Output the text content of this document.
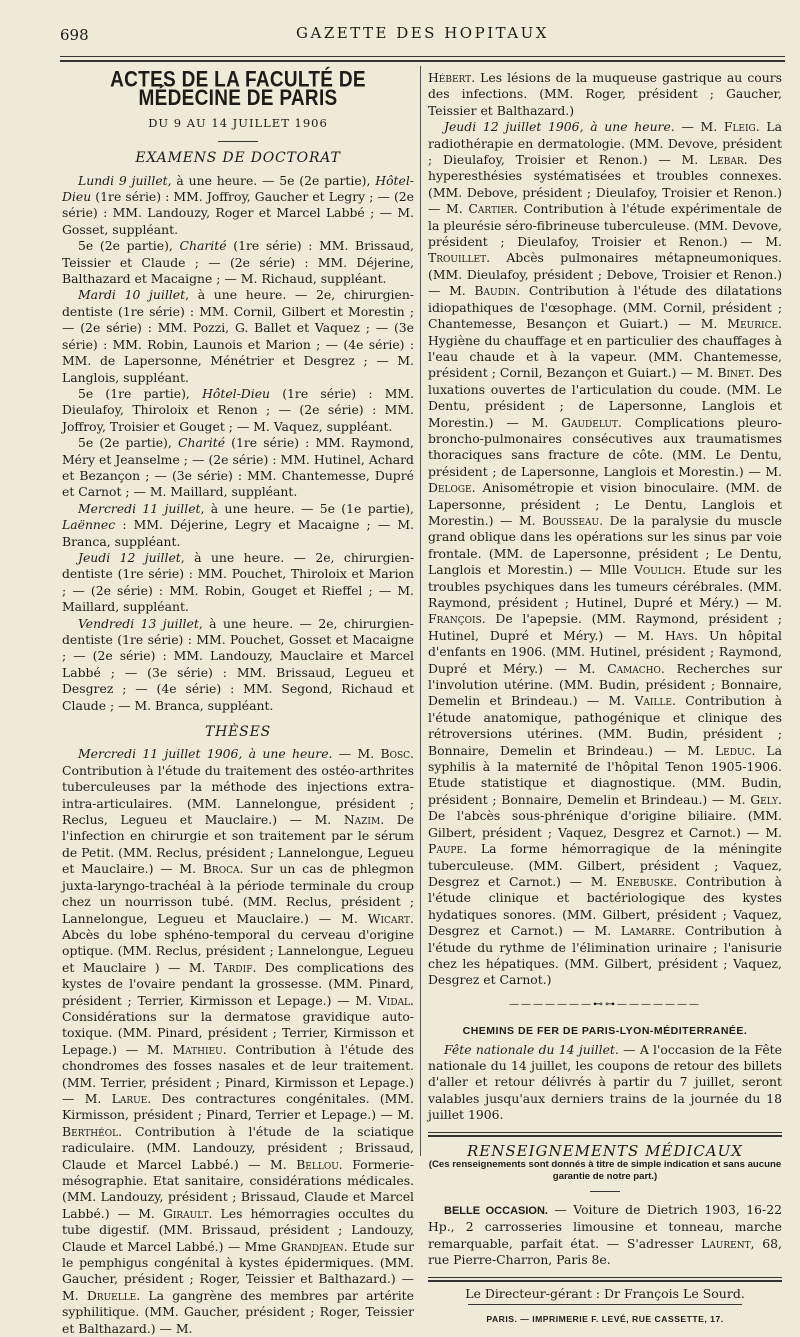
698	GAZETTE DES HOPITAUX
ACTES DE LA FACULTÉ DE MÉDECINE DE PARIS
DU 9 AU 14 JUILLET 1906
EXAMENS DE DOCTORAT

Lundi 9 juillet, à une heure. — 5e (2e partie), Hôtel-Dieu (1re série) : MM. Joffroy, Gaucher et Legry ; — (2e série) : MM. Landouzy, Roger et Marcel Labbé ; — M. Gosset, suppléant.

5e (2e partie), Charité (1re série) : MM. Brissaud, Teissier et Claude ; — (2e série) : MM. Déjerine, Balthazard et Macaigne ; — M. Richaud, suppléant.

Mardi 10 juillet, à une heure. — 2e, chirurgien-dentiste (1re série) : MM. Cornil, Gilbert et Morestin ; — (2e série) : MM. Pozzi, G. Ballet et Vaquez ; — (3e série) : MM. Robin, Launois et Marion ; — (4e série) : MM. de Lapersonne, Ménétrier et Desgrez ; — M. Langlois, suppléant.

5e (1re partie), Hôtel-Dieu (1re série) : MM. Dieulafoy, Thiroloix et Renon ; — (2e série) : MM. Joffroy, Troisier et Gouget ; — M. Vaquez, suppléant.

5e (2e partie), Charité (1re série) : MM. Raymond, Méry et Jeanselme ; — (2e série) : MM. Hutinel, Achard et Bezançon ; — (3e série) : MM. Chantemesse, Dupré et Carnot ; — M. Maillard, suppléant.

Mercredi 11 juillet, à une heure. — 5e (1e partie), Laënnec : MM. Déjerine, Legry et Macaigne ; — M. Branca, suppléant.

Jeudi 12 juillet, à une heure. — 2e, chirurgien-dentiste (1re série) : MM. Pouchet, Thiroloix et Marion ; — (2e série) : MM. Robin, Gouget et Rieffel ; — M. Maillard, suppléant.

Vendredi 13 juillet, à une heure. — 2e, chirurgien-dentiste (1re série) : MM. Pouchet, Gosset et Macaigne ; — (2e série) : MM. Landouzy, Mauclaire et Marcel Labbé ; — (3e série) : MM. Brissaud, Legueu et Desgrez ; — (4e série) : MM. Segond, Richaud et Claude ; — M. Branca, suppléant.

THÈSES

Mercredi 11 juillet 1906, à une heure. — M. Bosc. Contribution à l'étude du traitement des ostéo-arthrites tuberculeuses par la méthode des injections extra-intra-articulaires. (MM. Lannelongue, président ; Reclus, Legueu et Mauclaire.) — M. Nazim. De l'infection en chirurgie et son traitement par le sérum de Petit. (MM. Reclus, président ; Lannelongue, Legueu et Mauclaire.) — M. Broca. Sur un cas de phlegmon juxta-laryngo-trachéal à la période terminale du croup chez un nourrisson tubé. (MM. Reclus, président ; Lannelongue, Legueu et Mauclaire.) — M. Wicart. Abcès du lobe sphéno-temporal du cerveau d'origine optique. (MM. Reclus, président ; Lannelongue, Legueu et Mauclaire ) — M. Tardif. Des complications des kystes de l'ovaire pendant la grossesse. (MM. Pinard, président ; Terrier, Kirmisson et Lepage.) — M. Vidal. Considérations sur la dermatose gravidique auto-toxique. (MM. Pinard, président ; Terrier, Kirmisson et Lepage.) — M. Mathieu. Contribution à l'étude des chondromes des fosses nasales et de leur traitement. (MM. Terrier, président ; Pinard, Kirmisson et Lepage.) — M. Larue. Des contractures congénitales. (MM. Kirmisson, président ; Pinard, Terrier et Lepage.) — M. Berthéol. Contribution à l'étude de la sciatique radiculaire. (MM. Landouzy, président ; Brissaud, Claude et Marcel Labbé.) — M. Bellou. Formerie-mésographie. Etat sanitaire, considérations médicales. (MM. Landouzy, président ; Brissaud, Claude et Marcel Labbé.) — M. Girault. Les hémorragies occultes du tube digestif. (MM. Brissaud, président ; Landouzy, Claude et Marcel Labbé.) — Mme Grandjean. Etude sur le pemphigus congénital à kystes épidermiques. (MM. Gaucher, président ; Roger, Teissier et Balthazard.) — M. Druelle. La gangrène des membres par artérite syphilitique. (MM. Gaucher, président ; Roger, Teissier et Balthazard.) — M.

Hébert. Les lésions de la muqueuse gastrique au cours des infections. (MM. Roger, président ; Gaucher, Teissier et Balthazard.)

Jeudi 12 juillet 1906, à une heure. — M. Fleig. La radiothérapie en dermatologie. (MM. Devove, président ; Dieulafoy, Troisier et Renon.) — M. Lebar. Des hyperesthésies systématisées et troubles connexes. (MM. Debove, président ; Dieulafoy, Troisier et Renon.) — M. Cartier. Contribution à l'étude expérimentale de la pleurésie séro-fibrineuse tuberculeuse. (MM. Devove, président ; Dieulafoy, Troisier et Renon.) — M. Trouillet. Abcès pulmonaires métapneumoniques. (MM. Dieulafoy, président ; Debove, Troisier et Renon.) — M. Baudin. Contribution à l'étude des dilatations idiopathiques de l'œsophage. (MM. Cornil, président ; Chantemesse, Besançon et Guiart.) — M. Meurice. Hygiène du chauffage et en particulier des chauffages à l'eau chaude et à la vapeur. (MM. Chantemesse, président ; Cornil, Bezançon et Guiart.) — M. Binet. Des luxations ouvertes de l'articulation du coude. (MM. Le Dentu, président ; de Lapersonne, Langlois et Morestin.) — M. Gaudelut. Complications pleuro-broncho-pulmonaires consécutives aux traumatismes thoraciques sans fracture de côte. (MM. Le Dentu, président ; de Lapersonne, Langlois et Morestin.) — M. Deloge. Anisométropie et vision binoculaire. (MM. de Lapersonne, président ; Le Dentu, Langlois et Morestin.) — M. Bousseau. De la paralysie du muscle grand oblique dans les opérations sur les sinus par voie frontale. (MM. de Lapersonne, président ; Le Dentu, Langlois et Morestin.) — Mlle Voulich. Etude sur les troubles psychiques dans les tumeurs cérébrales. (MM. Raymond, président ; Hutinel, Dupré et Méry.) — M. François. De l'apepsie. (MM. Raymond, président ; Hutinel, Dupré et Méry.) — M. Hays. Un hôpital d'enfants en 1906. (MM. Hutinel, président ; Raymond, Dupré et Méry.) — M. Camacho. Recherches sur l'involution utérine. (MM. Budin, président ; Bonnaire, Demelin et Brindeau.) — M. Vaille. Contribution à l'étude anatomique, pathogénique et clinique des rétroversions utérines. (MM. Budin, président ; Bonnaire, Demelin et Brindeau.) — M. Leduc. La syphilis à la maternité de l'hôpital Tenon 1905-1906. Etude statistique et diagnostique. (MM. Budin, président ; Bonnaire, Demelin et Brindeau.) — M. Gely. De l'abcès sous-phrénique d'origine biliaire. (MM. Gilbert, président ; Vaquez, Desgrez et Carnot.) — M. Paupe. La forme hémorragique de la méningite tuberculeuse. (MM. Gilbert, président ; Vaquez, Desgrez et Carnot.) — M. Enebuske. Contribution à l'étude clinique et bactériologique des kystes hydatiques sonores. (MM. Gilbert, président ; Vaquez, Desgrez et Carnot.) — M. Lamarre. Contribution à l'étude du rythme de l'élimination urinaire ; l'anisurie chez les hépatiques. (MM. Gilbert, président ; Vaquez, Desgrez et Carnot.)

———————⊷⊶———————
CHEMINS DE FER DE PARIS-LYON-MÉDITERRANÉE.

Fête nationale du 14 juillet. — A l'occasion de la Fête nationale du 14 juillet, les coupons de retour des billets d'aller et retour délivrés à partir du 7 juillet, seront valables jusqu'aux derniers trains de la journée du 18 juillet 1906.

RENSEIGNEMENTS MÉDICAUX
(Ces renseignements sont donnés à titre de simple indication et sans aucune garantie de notre part.)

BELLE OCCASION. — Voiture de Dietrich 1903, 16-22 Hp., 2 carrosseries limousine et tonneau, marche remarquable, parfait état. — S'adresser Laurent, 68, rue Pierre-Charron, Paris 8e.

Le Directeur-gérant : Dr François Le Sourd.
PARIS. — IMPRIMERIE F. LEVÉ, RUE CASSETTE, 17.
